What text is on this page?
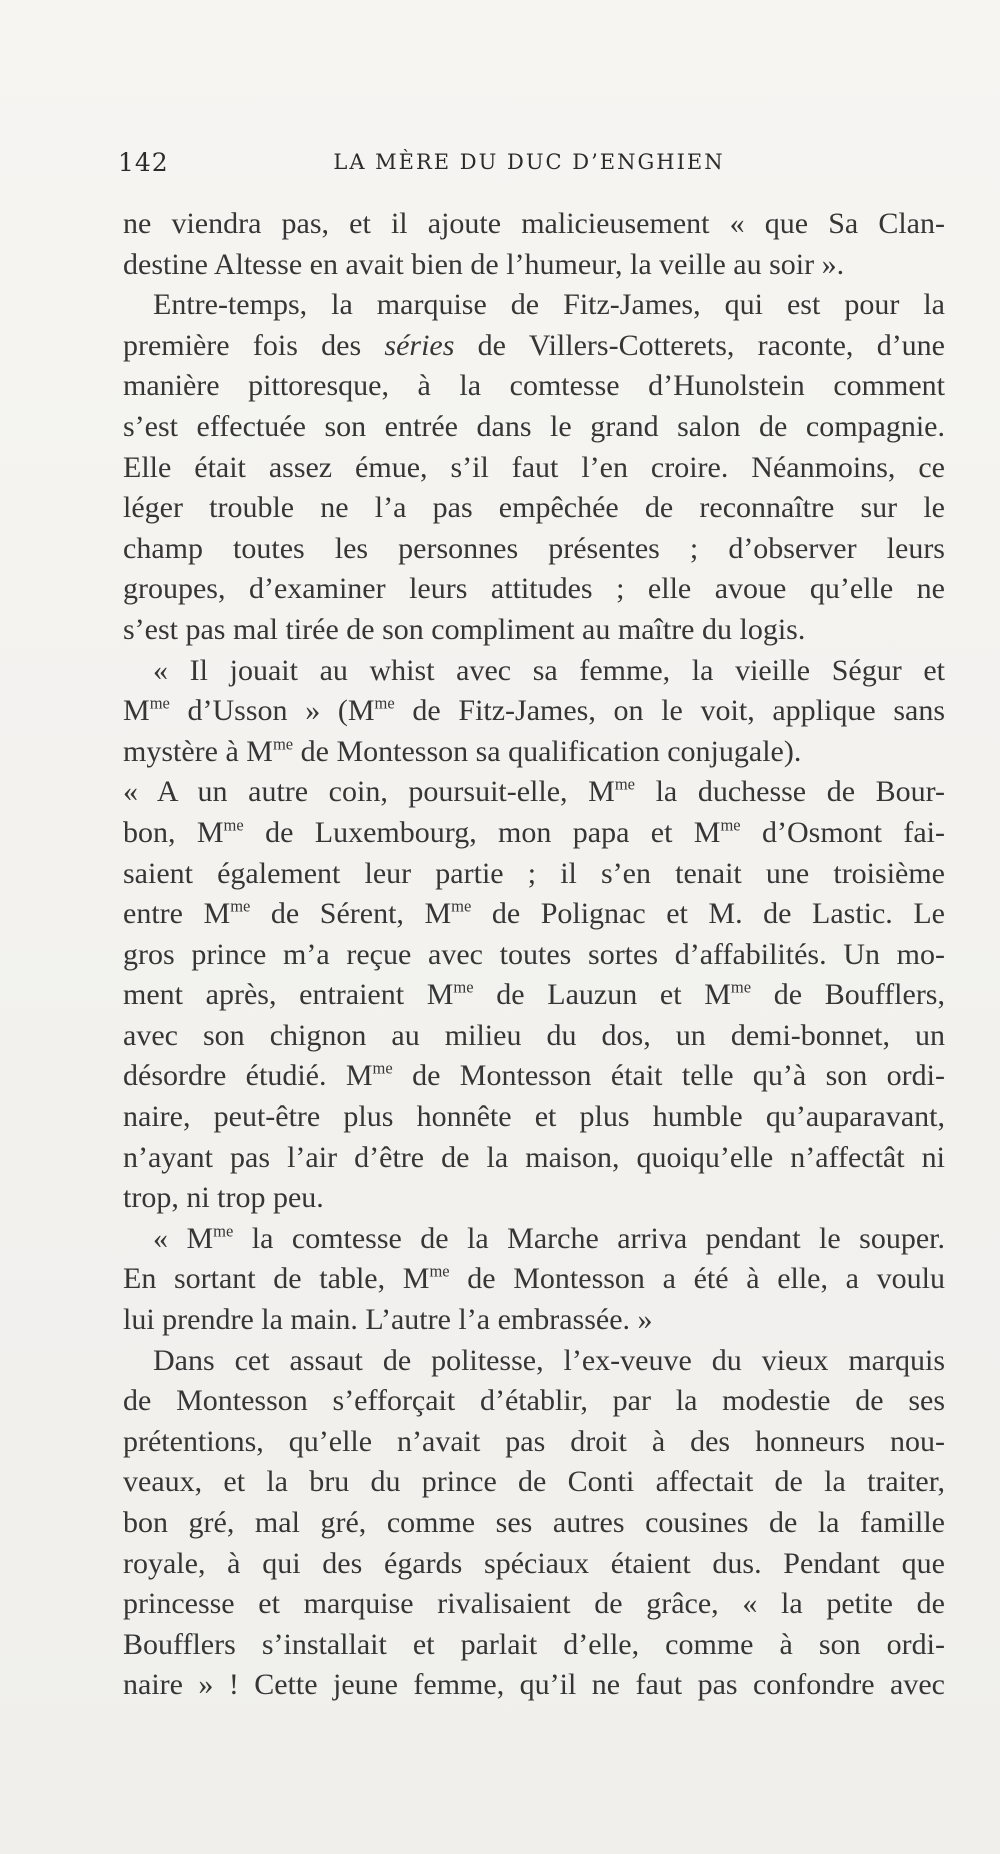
142	LA MÈRE DU DUC D’ENGHIEN
ne viendra pas, et il ajoute malicieusement « que Sa Clan-
destine Altesse en avait bien de l’humeur, la veille au soir ».
Entre-temps, la marquise de Fitz-James, qui est pour la
première fois des séries de Villers-Cotterets, raconte, d’une
manière pittoresque, à la comtesse d’Hunolstein comment
s’est effectuée son entrée dans le grand salon de compagnie.
Elle était assez émue, s’il faut l’en croire. Néanmoins, ce
léger trouble ne l’a pas empêchée de reconnaître sur le
champ toutes les personnes présentes ; d’observer leurs
groupes, d’examiner leurs attitudes ; elle avoue qu’elle ne
s’est pas mal tirée de son compliment au maître du logis.
« Il jouait au whist avec sa femme, la vieille Ségur et
$M^{me}$ d’Usson » ($M^{me}$ de Fitz-James, on le voit, applique sans
mystère à $M^{me}$ de Montesson sa qualification conjugale).
« A un autre coin, poursuit-elle, $M^{me}$ la duchesse de Bour-
bon, $M^{me}$ de Luxembourg, mon papa et $M^{me}$ d’Osmont fai-
saient également leur partie ; il s’en tenait une troisième
entre $M^{me}$ de Sérent, $M^{me}$ de Polignac et M. de Lastic. Le
gros prince m’a reçue avec toutes sortes d’affabilités. Un mo-
ment après, entraient $M^{me}$ de Lauzun et $M^{me}$ de Boufflers,
avec son chignon au milieu du dos, un demi-bonnet, un
désordre étudié. $M^{me}$ de Montesson était telle qu’à son ordi-
naire, peut-être plus honnête et plus humble qu’auparavant,
n’ayant pas l’air d’être de la maison, quoiqu’elle n’affectât ni
trop, ni trop peu.
« $M^{me}$ la comtesse de la Marche arriva pendant le souper.
En sortant de table, $M^{me}$ de Montesson a été à elle, a voulu
lui prendre la main. L’autre l’a embrassée. »
Dans cet assaut de politesse, l’ex-veuve du vieux marquis
de Montesson s’efforçait d’établir, par la modestie de ses
prétentions, qu’elle n’avait pas droit à des honneurs nou-
veaux, et la bru du prince de Conti affectait de la traiter,
bon gré, mal gré, comme ses autres cousines de la famille
royale, à qui des égards spéciaux étaient dus. Pendant que
princesse et marquise rivalisaient de grâce, « la petite de
Boufflers s’installait et parlait d’elle, comme à son ordi-
naire » ! Cette jeune femme, qu’il ne faut pas confondre avec
